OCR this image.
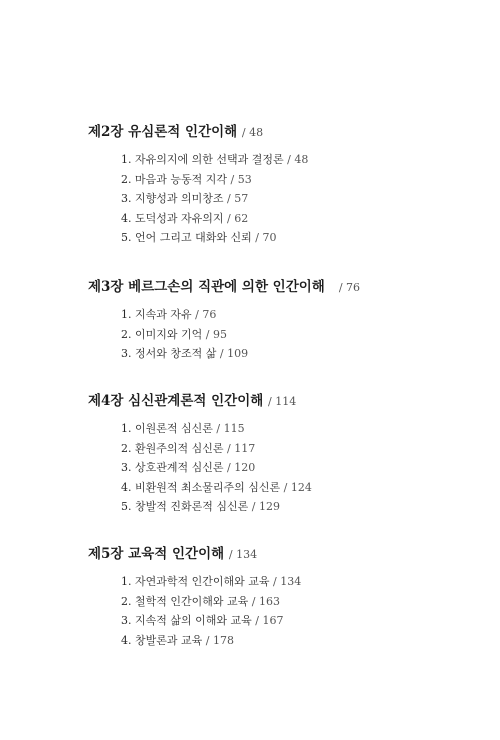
제2장 유심론적 인간이해 / 48
1. 자유의지에 의한 선택과 결정론 / 48
2. 마음과 능동적 지각 / 53
3. 지향성과 의미창조 / 57
4. 도덕성과 자유의지 / 62
5. 언어 그리고 대화와 신뢰 / 70
제3장 베르그손의 직관에 의한 인간이해 / 76
1. 지속과 자유 / 76
2. 이미지와 기억 / 95
3. 정서와 창조적 삶 / 109
제4장 심신관계론적 인간이해 / 114
1. 이원론적 심신론 / 115
2. 환원주의적 심신론 / 117
3. 상호관계적 심신론 / 120
4. 비환원적 최소물리주의 심신론 / 124
5. 창발적 진화론적 심신론 / 129
제5장 교육적 인간이해 / 134
1. 자연과학적 인간이해와 교육 / 134
2. 철학적 인간이해와 교육 / 163
3. 지속적 삶의 이해와 교육 / 167
4. 창발론과 교육 / 178
